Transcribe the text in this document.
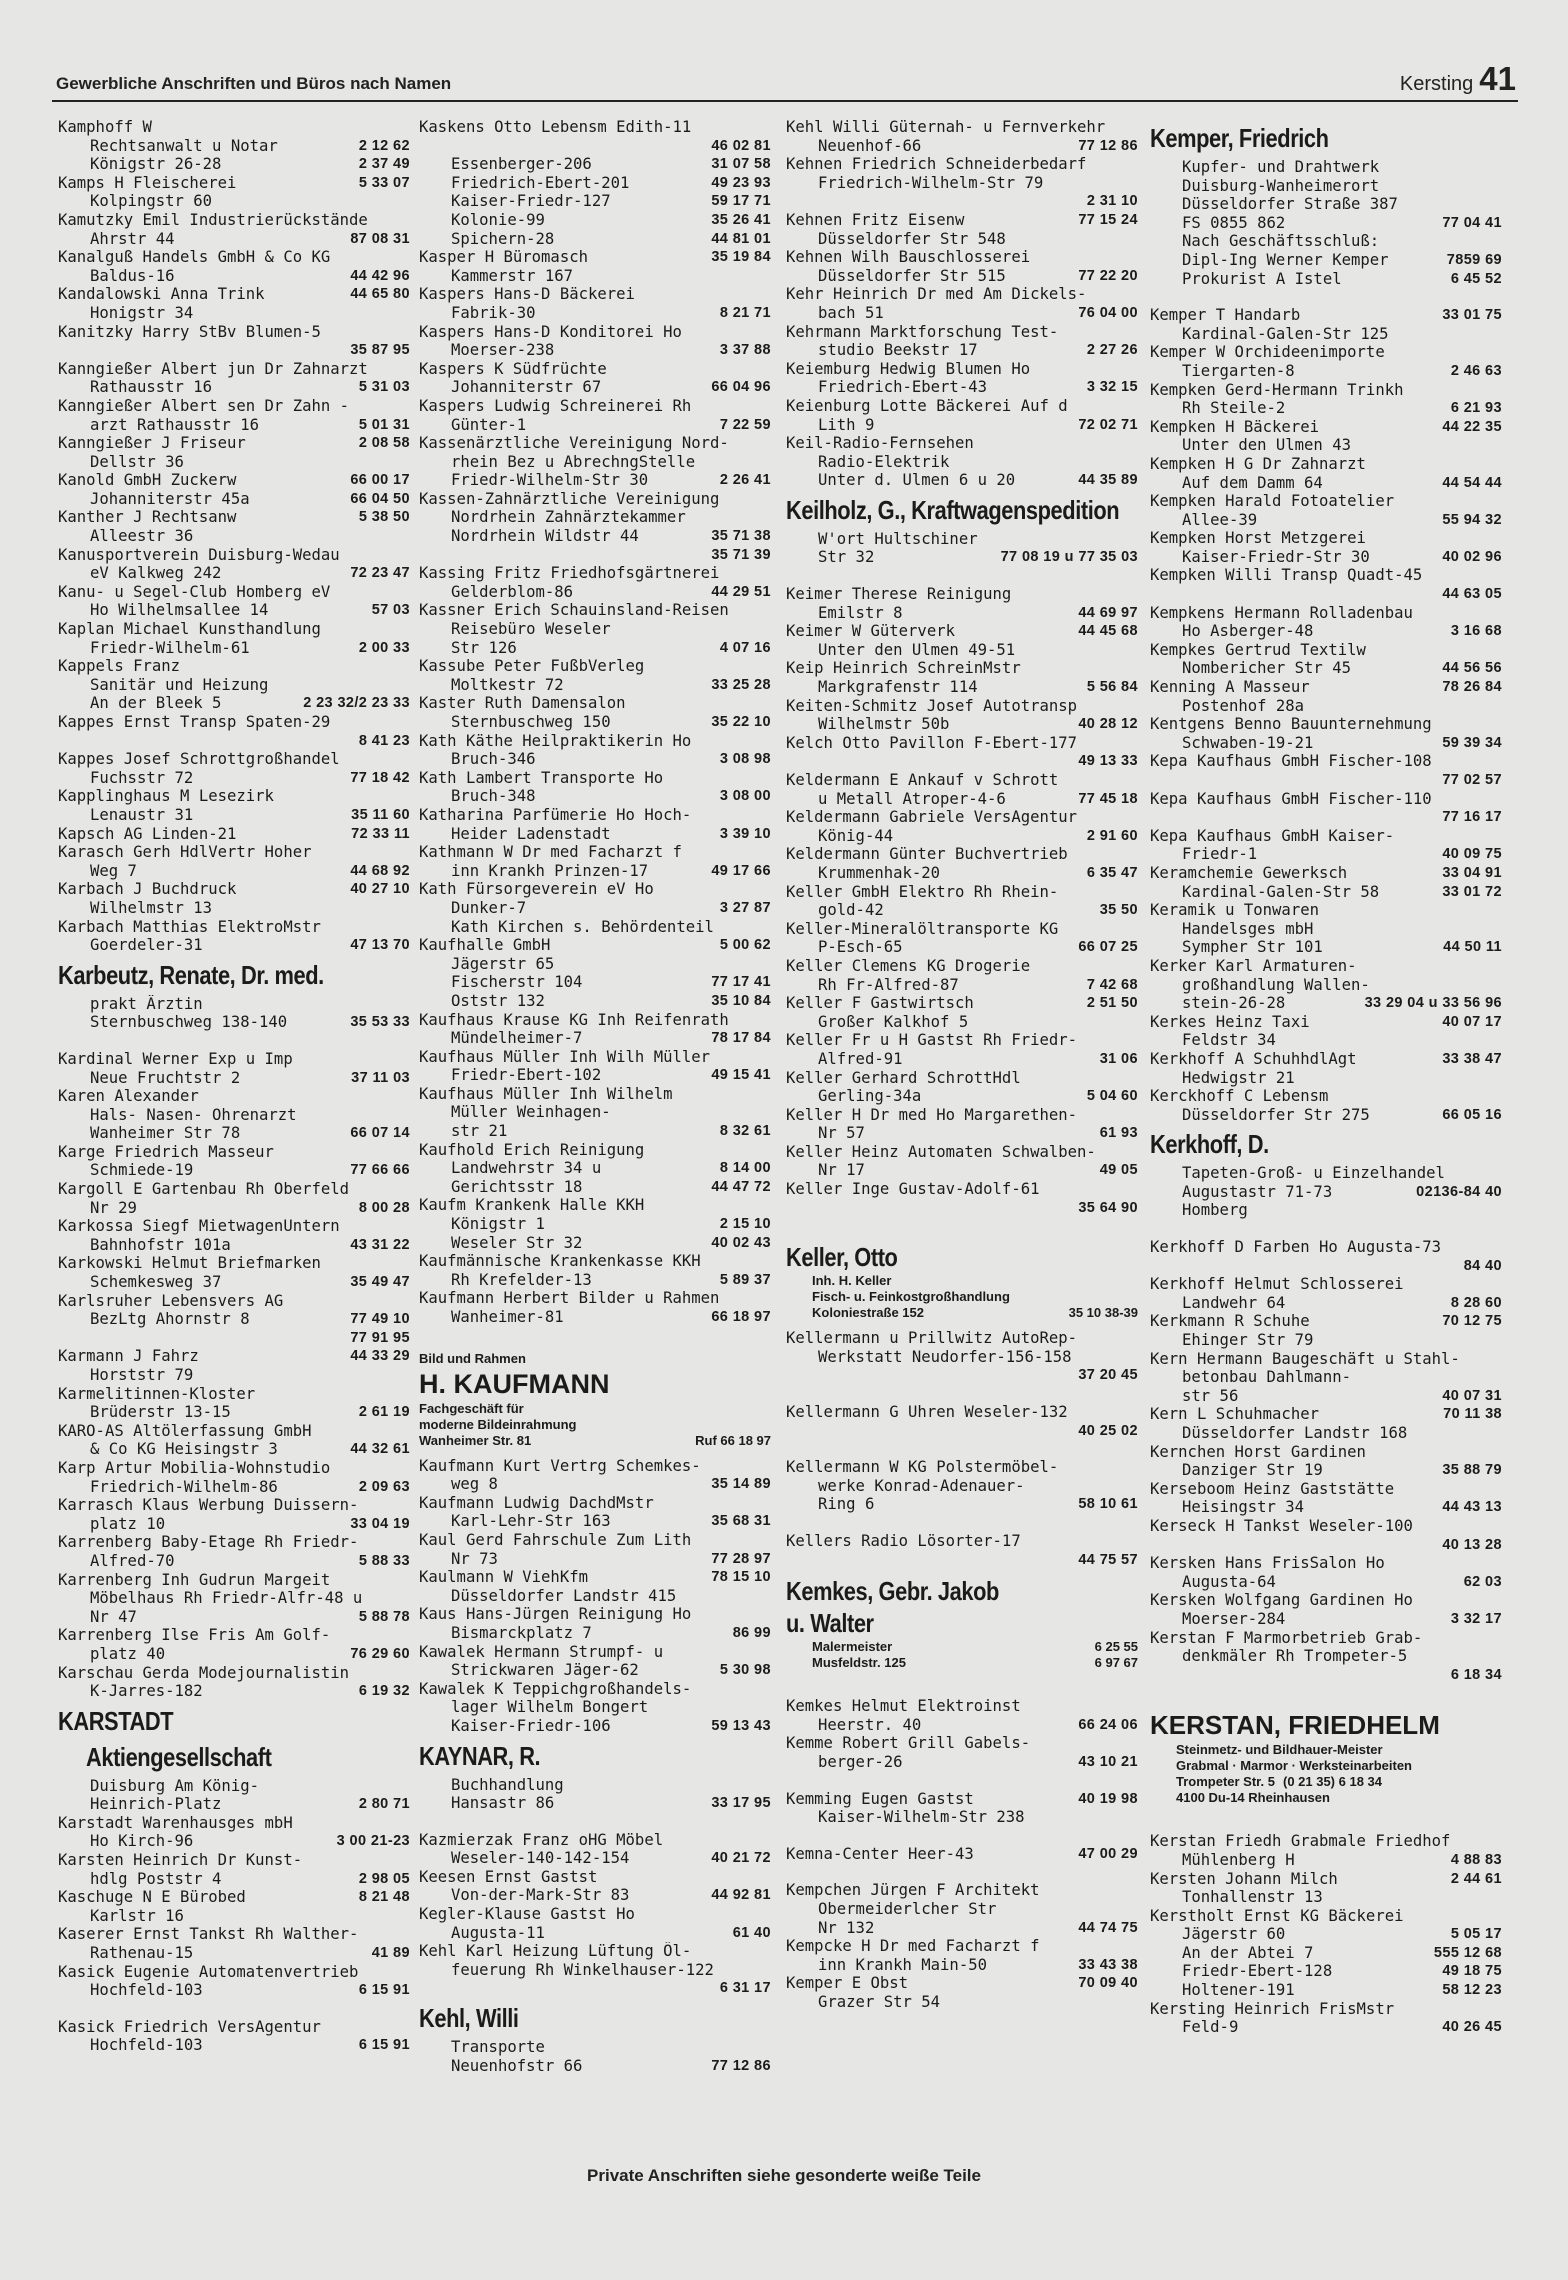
Gewerbliche Anschriften und Büros nach Namen	Kersting 41
Kamphoff W
Rechtsanwalt u Notar	2 12 62
Königstr 26-28	2 37 49
Kamps H Fleischerei	5 33 07
Kolpingstr 60
Kamutzky Emil Industrierückstände
Ahrstr 44	87 08 31
Kanalguß Handels GmbH & Co KG
Baldus-16	44 42 96
Kandalowski Anna Trink	44 65 80
Honigstr 34
Kanitzky Harry StBv Blumen-5
35 87 95
Kanngießer Albert jun Dr Zahnarzt
Rathausstr 16	5 31 03
Kanngießer Albert sen Dr Zahn -
arzt Rathausstr 16	5 01 31
Kanngießer J Friseur	2 08 58
Dellstr 36
Kanold GmbH Zuckerw	66 00 17
Johanniterstr 45a	66 04 50
Kanther J Rechtsanw	5 38 50
Alleestr 36
Kanusportverein Duisburg-Wedau
eV Kalkweg 242	72 23 47
Kanu- u Segel-Club Homberg eV
Ho Wilhelmsallee 14	57 03
Kaplan Michael Kunsthandlung
Friedr-Wilhelm-61	2 00 33
Kappels Franz
Sanitär und Heizung
An der Bleek 5	2 23 32/2 23 33
Kappes Ernst Transp Spaten-29
8 41 23
Kappes Josef Schrottgroßhandel
Fuchsstr 72	77 18 42
Kapplinghaus M Lesezirk
Lenaustr 31	35 11 60
Kapsch AG Linden-21	72 33 11
Karasch Gerh HdlVertr Hoher
Weg 7	44 68 92
Karbach J Buchdruck	40 27 10
Wilhelmstr 13
Karbach Matthias ElektroMstr
Goerdeler-31	47 13 70
Karbeutz, Renate, Dr. med.
prakt Ärztin
Sternbuschweg 138-140	35 53 33
Kardinal Werner Exp u Imp
Neue Fruchtstr 2	37 11 03
Karen Alexander
Hals- Nasen- Ohrenarzt
Wanheimer Str 78	66 07 14
Karge Friedrich Masseur
Schmiede-19	77 66 66
Kargoll E Gartenbau Rh Oberfeld
Nr 29	8 00 28
Karkossa Siegf MietwagenUntern
Bahnhofstr 101a	43 31 22
Karkowski Helmut Briefmarken
Schemkesweg 37	35 49 47
Karlsruher Lebensvers AG
BezLtg Ahornstr 8	77 49 10
77 91 95
Karmann J Fahrz	44 33 29
Horststr 79
Karmelitinnen-Kloster
Brüderstr 13-15	2 61 19
KARO-AS Altölerfassung GmbH
& Co KG Heisingstr 3	44 32 61
Karp Artur Mobilia-Wohnstudio
Friedrich-Wilhelm-86	2 09 63
Karrasch Klaus Werbung Duissern-
platz 10	33 04 19
Karrenberg Baby-Etage Rh Friedr-
Alfred-70	5 88 33
Karrenberg Inh Gudrun Margeit
Möbelhaus Rh Friedr-Alfr-48 u
Nr 47	5 88 78
Karrenberg Ilse Fris Am Golf-
platz 40	76 29 60
Karschau Gerda Modejournalistin
K-Jarres-182	6 19 32
KARSTADT
Aktiengesellschaft
Duisburg Am König-
Heinrich-Platz	2 80 71
Karstadt Warenhausges mbH
Ho Kirch-96	3 00 21-23
Karsten Heinrich Dr Kunst-
hdlg Poststr 4	2 98 05
Kaschuge N E Bürobed	8 21 48
Karlstr 16
Kaserer Ernst Tankst Rh Walther-
Rathenau-15	41 89
Kasick Eugenie Automatenvertrieb
Hochfeld-103	6 15 91
Kasick Friedrich VersAgentur
Hochfeld-103	6 15 91
Kaskens Otto Lebensm Edith-11
46 02 81
Essenberger-206	31 07 58
Friedrich-Ebert-201	49 23 93
Kaiser-Friedr-127	59 17 71
Kolonie-99	35 26 41
Spichern-28	44 81 01
Kasper H Büromasch	35 19 84
Kammerstr 167
Kaspers Hans-D Bäckerei
Fabrik-30	8 21 71
Kaspers Hans-D Konditorei Ho
Moerser-238	3 37 88
Kaspers K Südfrüchte
Johanniterstr 67	66 04 96
Kaspers Ludwig Schreinerei Rh
Günter-1	7 22 59
Kassenärztliche Vereinigung Nord-
rhein Bez u AbrechngStelle
Friedr-Wilhelm-Str 30	2 26 41
Kassen-Zahnärztliche Vereinigung
Nordrhein Zahnärztekammer
Nordrhein Wildstr 44	35 71 38
35 71 39
Kassing Fritz Friedhofsgärtnerei
Gelderblom-86	44 29 51
Kassner Erich Schauinsland-Reisen
Reisebüro Weseler
Str 126	4 07 16
Kassube Peter FußbVerleg
Moltkestr 72	33 25 28
Kaster Ruth Damensalon
Sternbuschweg 150	35 22 10
Kath Käthe Heilpraktikerin Ho
Bruch-346	3 08 98
Kath Lambert Transporte Ho
Bruch-348	3 08 00
Katharina Parfümerie Ho Hoch-
Heider Ladenstadt	3 39 10
Kathmann W Dr med Facharzt f
inn Krankh Prinzen-17	49 17 66
Kath Fürsorgeverein eV Ho
Dunker-7	3 27 87
Kath Kirchen s. Behördenteil
Kaufhalle GmbH	5 00 62
Jägerstr 65
Fischerstr 104	77 17 41
Oststr 132	35 10 84
Kaufhaus Krause KG Inh Reifenrath
Mündelheimer-7	78 17 84
Kaufhaus Müller Inh Wilh Müller
Friedr-Ebert-102	49 15 41
Kaufhaus Müller Inh Wilhelm
Müller Weinhagen-
str 21	8 32 61
Kaufhold Erich Reinigung
Landwehrstr 34 u	8 14 00
Gerichtsstr 18	44 47 72
Kaufm Krankenk Halle KKH
Königstr 1	2 15 10
Weseler Str 32	40 02 43
Kaufmännische Krankenkasse KKH
Rh Krefelder-13	5 89 37
Kaufmann Herbert Bilder u Rahmen
Wanheimer-81	66 18 97
Bild und Rahmen
H. KAUFMANN
Fachgeschäft für
moderne Bildeinrahmung
Wanheimer Str. 81	Ruf 66 18 97
Kaufmann Kurt Vertrg Schemkes-
weg 8	35 14 89
Kaufmann Ludwig DachdMstr
Karl-Lehr-Str 163	35 68 31
Kaul Gerd Fahrschule Zum Lith
Nr 73	77 28 97
Kaulmann W ViehKfm	78 15 10
Düsseldorfer Landstr 415
Kaus Hans-Jürgen Reinigung Ho
Bismarckplatz 7	86 99
Kawalek Hermann Strumpf- u
Strickwaren Jäger-62	5 30 98
Kawalek K Teppichgroßhandels-
lager Wilhelm Bongert
Kaiser-Friedr-106	59 13 43
KAYNAR, R.
Buchhandlung
Hansastr 86	33 17 95
Kazmierzak Franz oHG Möbel
Weseler-140-142-154	40 21 72
Keesen Ernst Gastst
Von-der-Mark-Str 83	44 92 81
Kegler-Klause Gastst Ho
Augusta-11	61 40
Kehl Karl Heizung Lüftung Öl-
feuerung Rh Winkelhauser-122
6 31 17
Kehl, Willi
Transporte
Neuenhofstr 66	77 12 86
Kehl Willi Güternah- u Fernverkehr
Neuenhof-66	77 12 86
Kehnen Friedrich Schneiderbedarf
Friedrich-Wilhelm-Str 79
2 31 10
Kehnen Fritz Eisenw	77 15 24
Düsseldorfer Str 548
Kehnen Wilh Bauschlosserei
Düsseldorfer Str 515	77 22 20
Kehr Heinrich Dr med Am Dickels-
bach 51	76 04 00
Kehrmann Marktforschung Test-
studio Beekstr 17	2 27 26
Keiemburg Hedwig Blumen Ho
Friedrich-Ebert-43	3 32 15
Keienburg Lotte Bäckerei Auf d
Lith 9	72 02 71
Keil-Radio-Fernsehen
Radio-Elektrik
Unter d. Ulmen 6 u 20	44 35 89
Keilholz, G., Kraftwagenspedition
W'ort Hultschiner
Str 32	77 08 19 u 77 35 03
Keimer Therese Reinigung
Emilstr 8	44 69 97
Keimer W Güterverk	44 45 68
Unter den Ulmen 49-51
Keip Heinrich SchreinMstr
Markgrafenstr 114	5 56 84
Keiten-Schmitz Josef Autotransp
Wilhelmstr 50b	40 28 12
Kelch Otto Pavillon F-Ebert-177
49 13 33
Keldermann E Ankauf v Schrott
u Metall Atroper-4-6	77 45 18
Keldermann Gabriele VersAgentur
König-44	2 91 60
Keldermann Günter Buchvertrieb
Krummenhak-20	6 35 47
Keller GmbH Elektro Rh Rhein-
gold-42	35 50
Keller-Mineralöltransporte KG
P-Esch-65	66 07 25
Keller Clemens KG Drogerie
Rh Fr-Alfred-87	7 42 68
Keller F Gastwirtsch	2 51 50
Großer Kalkhof 5
Keller Fr u H Gastst Rh Friedr-
Alfred-91	31 06
Keller Gerhard SchrottHdl
Gerling-34a	5 04 60
Keller H Dr med Ho Margarethen-
Nr 57	61 93
Keller Heinz Automaten Schwalben-
Nr 17	49 05
Keller Inge Gustav-Adolf-61
35 64 90
Keller, Otto
Inh. H. Keller
Fisch- u. Feinkostgroßhandlung
Koloniestraße 152	35 10 38-39
Kellermann u Prillwitz AutoRep-
Werkstatt Neudorfer-156-158
37 20 45
Kellermann G Uhren Weseler-132
40 25 02
Kellermann W KG Polstermöbel-
werke Konrad-Adenauer-
Ring 6	58 10 61
Kellers Radio Lösorter-17
44 75 57
Kemkes, Gebr. Jakob
u. Walter
Malermeister	6 25 55
Musfeldstr. 125	6 97 67
Kemkes Helmut Elektroinst
Heerstr. 40	66 24 06
Kemme Robert Grill Gabels-
berger-26	43 10 21
Kemming Eugen Gastst	40 19 98
Kaiser-Wilhelm-Str 238
Kemna-Center Heer-43	47 00 29
Kempchen Jürgen F Architekt
Obermeiderlcher Str
Nr 132	44 74 75
Kempcke H Dr med Facharzt f
inn Krankh Main-50	33 43 38
Kemper E Obst	70 09 40
Grazer Str 54
Kemper, Friedrich
Kupfer- und Drahtwerk
Duisburg-Wanheimerort
Düsseldorfer Straße 387
FS 0855 862	77 04 41
Nach Geschäftsschluß:
Dipl-Ing Werner Kemper	7859 69
Prokurist A Istel	6 45 52
Kemper T Handarb	33 01 75
Kardinal-Galen-Str 125
Kemper W Orchideenimporte
Tiergarten-8	2 46 63
Kempken Gerd-Hermann Trinkh
Rh Steile-2	6 21 93
Kempken H Bäckerei	44 22 35
Unter den Ulmen 43
Kempken H G Dr Zahnarzt
Auf dem Damm 64	44 54 44
Kempken Harald Fotoatelier
Allee-39	55 94 32
Kempken Horst Metzgerei
Kaiser-Friedr-Str 30	40 02 96
Kempken Willi Transp Quadt-45
44 63 05
Kempkens Hermann Rolladenbau
Ho Asberger-48	3 16 68
Kempkes Gertrud Textilw
Nombericher Str 45	44 56 56
Kenning A Masseur	78 26 84
Postenhof 28a
Kentgens Benno Bauunternehmung
Schwaben-19-21	59 39 34
Kepa Kaufhaus GmbH Fischer-108
77 02 57
Kepa Kaufhaus GmbH Fischer-110
77 16 17
Kepa Kaufhaus GmbH Kaiser-
Friedr-1	40 09 75
Keramchemie Gewerksch	33 04 91
Kardinal-Galen-Str 58	33 01 72
Keramik u Tonwaren
Handelsges mbH
Sympher Str 101	44 50 11
Kerker Karl Armaturen-
großhandlung Wallen-
stein-26-28	33 29 04 u 33 56 96
Kerkes Heinz Taxi	40 07 17
Feldstr 34
Kerkhoff A SchuhhdlAgt	33 38 47
Hedwigstr 21
Kerckhoff C Lebensm
Düsseldorfer Str 275	66 05 16
Kerkhoff, D.
Tapeten-Groß- u Einzelhandel
Augustastr 71-73	02136-84 40
Homberg
Kerkhoff D Farben Ho Augusta-73
84 40
Kerkhoff Helmut Schlosserei
Landwehr 64	8 28 60
Kerkmann R Schuhe	70 12 75
Ehinger Str 79
Kern Hermann Baugeschäft u Stahl-
betonbau Dahlmann-
str 56	40 07 31
Kern L Schuhmacher	70 11 38
Düsseldorfer Landstr 168
Kernchen Horst Gardinen
Danziger Str 19	35 88 79
Kerseboom Heinz Gaststätte
Heisingstr 34	44 43 13
Kerseck H Tankst Weseler-100
40 13 28
Kersken Hans FrisSalon Ho
Augusta-64	62 03
Kersken Wolfgang Gardinen Ho
Moerser-284	3 32 17
Kerstan F Marmorbetrieb Grab-
denkmäler Rh Trompeter-5
6 18 34
KERSTAN, FRIEDHELM
Steinmetz- und Bildhauer-Meister
Grabmal · Marmor · Werksteinarbeiten
Trompeter Str. 5 (0 21 35) 6 18 34
4100 Du-14 Rheinhausen
Kerstan Friedh Grabmale Friedhof
Mühlenberg H	4 88 83
Kersten Johann Milch	2 44 61
Tonhallenstr 13
Kerstholt Ernst KG Bäckerei
Jägerstr 60	5 05 17
An der Abtei 7	555 12 68
Friedr-Ebert-128	49 18 75
Holtener-191	58 12 23
Kersting Heinrich FrisMstr
Feld-9	40 26 45
Private Anschriften siehe gesonderte weiße Teile
